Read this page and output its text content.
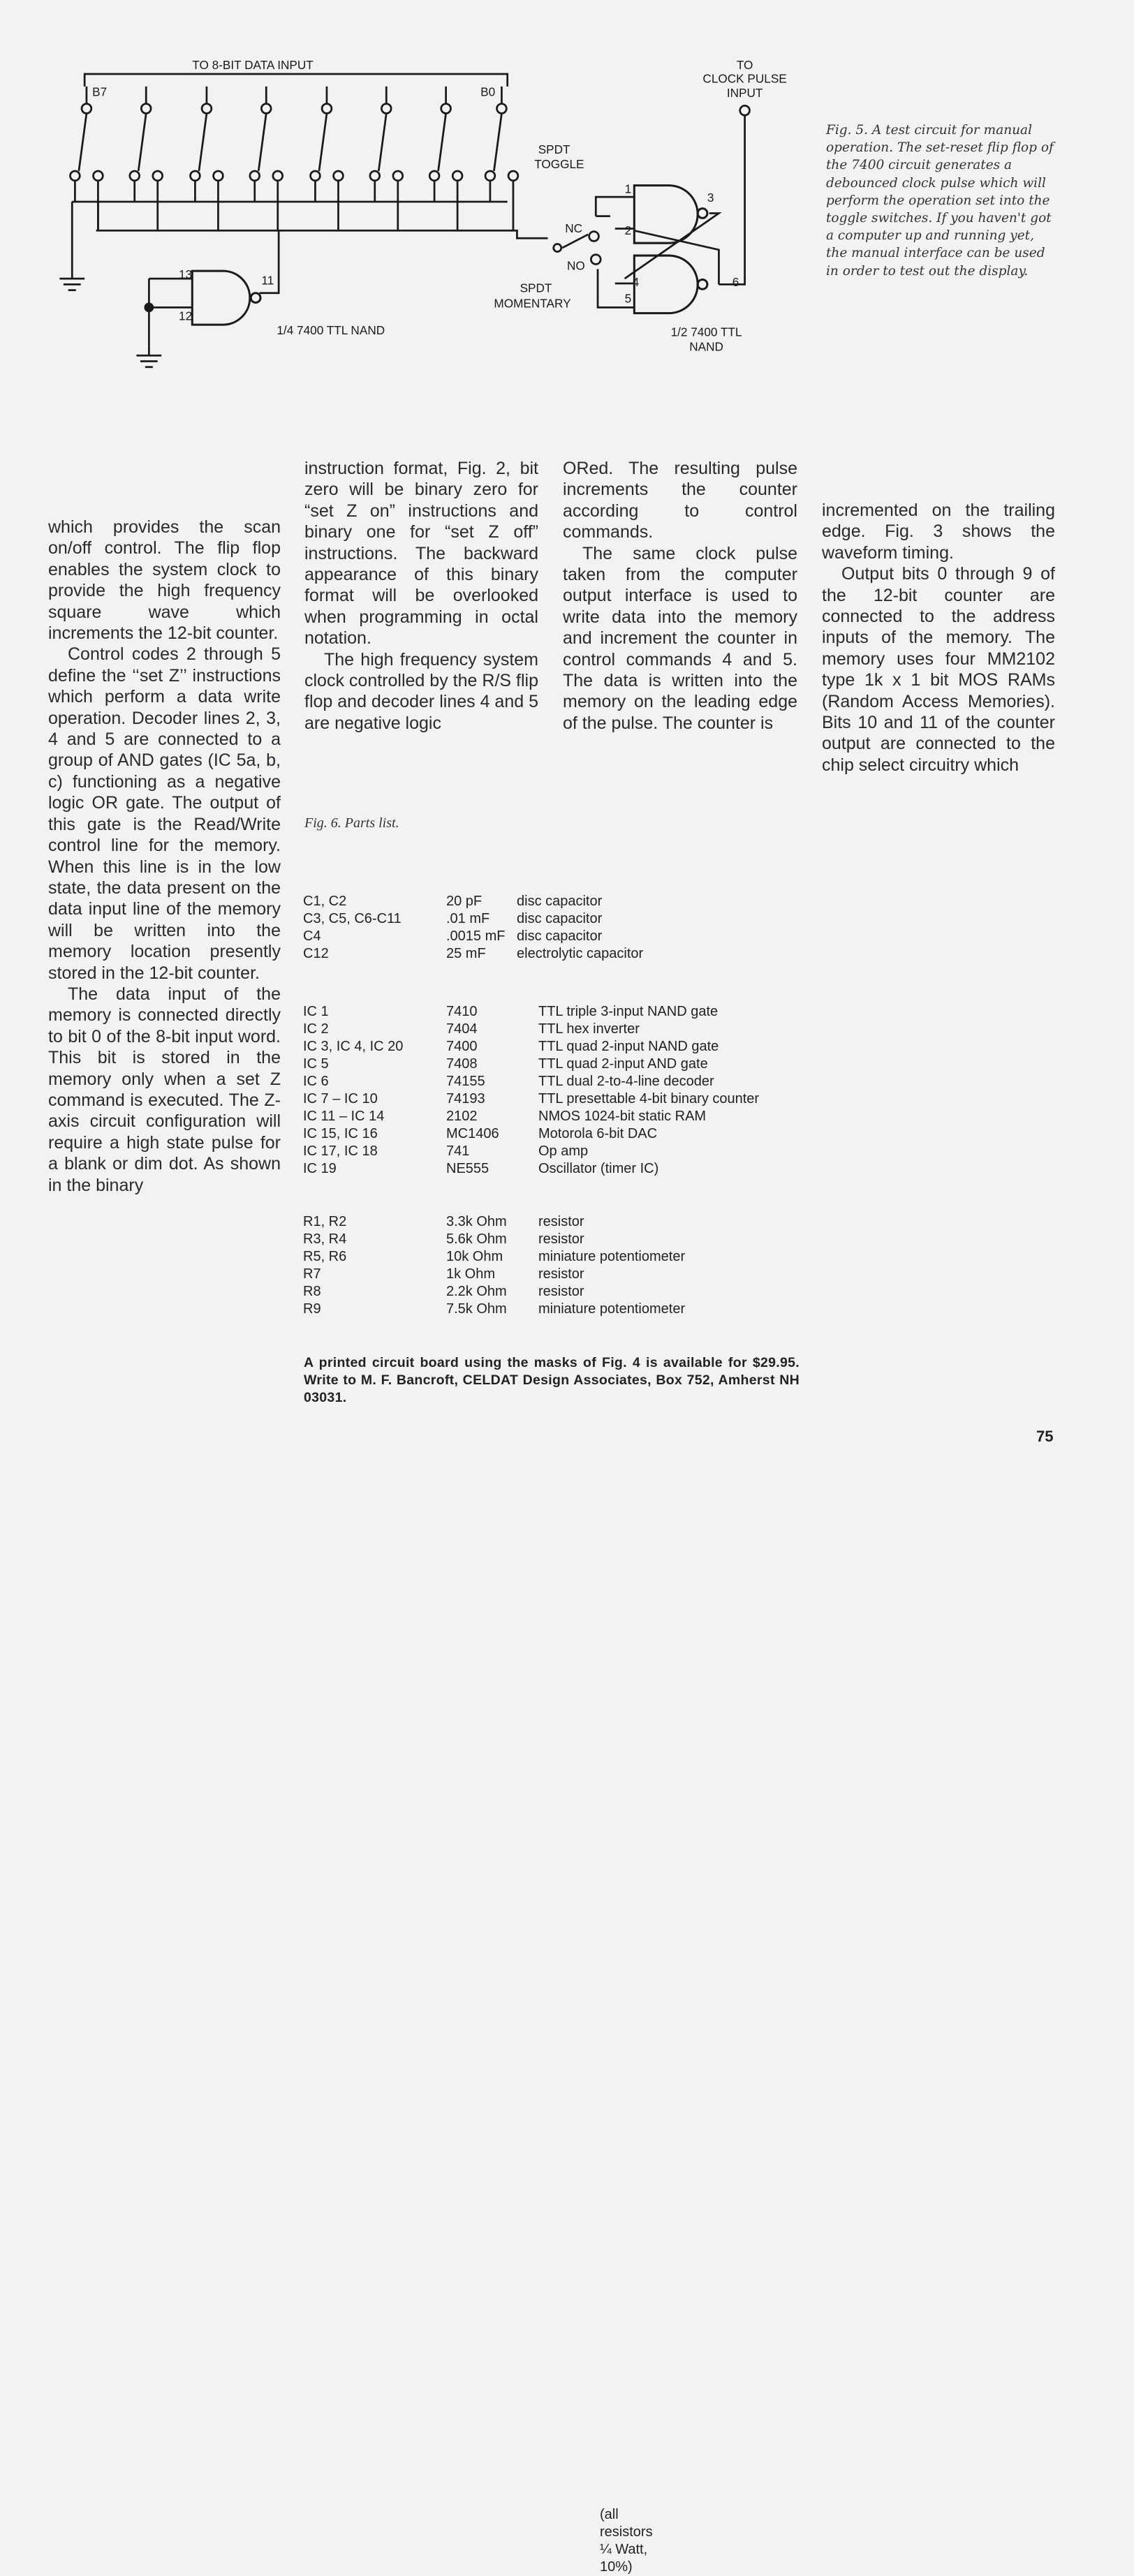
TO 8-BIT DATA INPUT
B7	B0
TO
CLOCK PULSE
INPUT
SPDT
TOGGLE
SPDT
MOMENTARY
NC
NO
1/4 7400 TTL NAND	1/2 7400 TTL
NAND
13
12
11
1
2
3
4
5
6
Fig. 5. A test circuit for manual operation. The set-reset flip flop of the 7400 circuit generates a debounced clock pulse which will perform the operation set into the toggle switches. If you haven't got a computer up and running yet, the manual interface can be used in order to test out the display.

which provides the scan on/off control. The flip flop enables the system clock to provide the high frequency square wave which increments the 12-bit counter.

Control codes 2 through 5 define the ‘‘set Z’’ instructions which perform a data write operation. Decoder lines 2, 3, 4 and 5 are connected to a group of AND gates (IC 5a, b, c) functioning as a negative logic OR gate. The output of this gate is the Read/Write control line for the memory. When this line is in the low state, the data present on the data input line of the memory will be written into the memory location presently stored in the 12-bit counter.

The data input of the memory is connected directly to bit 0 of the 8-bit input word. This bit is stored in the memory only when a set Z command is executed. The Z-axis circuit configuration will require a high state pulse for a blank or dim dot. As shown in the binary

instruction format, Fig. 2, bit zero will be binary zero for “set Z on” instructions and binary one for “set Z off” instructions. The backward appearance of this binary format will be overlooked when programming in octal notation.

The high frequency system clock controlled by the R/S flip flop and decoder lines 4 and 5 are negative logic

ORed. The resulting pulse increments the counter according to control commands.

The same clock pulse taken from the computer output interface is used to write data into the memory and increment the counter in control commands 4 and 5. The data is written into the memory on the leading edge of the pulse. The counter is

incremented on the trailing edge. Fig. 3 shows the waveform timing.

Output bits 0 through 9 of the 12-bit counter are connected to the address inputs of the memory. The memory uses four MM2102 type 1k x 1 bit MOS RAMs (Random Access Memories). Bits 10 and 11 of the counter output are connected to the chip select circuitry which

Fig. 6. Parts list.
C1, C2	20 pF disc capacitor
C3, C5, C6-C11	.01 mF disc capacitor
C4	.0015 mF disc capacitor
C12	25 mF electrolytic capacitor
IC 1	7410	TTL triple 3-input NAND gate
IC 2	7404	TTL hex inverter
IC 3, IC 4, IC 20	7400	TTL quad 2-input NAND gate
IC 5	7408	TTL quad 2-input AND gate
IC 6	74155	TTL dual 2-to-4-line decoder
IC 7 – IC 10	74193	TTL presettable 4-bit binary counter
IC 11 – IC 14	2102	NMOS 1024-bit static RAM
IC 15, IC 16	MC1406	Motorola 6-bit DAC
IC 17, IC 18	741	Op amp
IC 19	NE555	Oscillator (timer IC)
(all resistors ¼ Watt, 10%)
R1, R2	3.3k Ohm resistor
R3, R4	5.6k Ohm resistor
R5, R6	10k Ohm	miniature potentiometer
R7	1k Ohm	resistor
R8	2.2k Ohm resistor
R9	7.5k Ohm miniature potentiometer
A printed circuit board using the masks of Fig. 4 is available for $29.95. Write to M. F. Bancroft, CELDAT Design Associates, Box 752, Amherst NH 03031.
75
